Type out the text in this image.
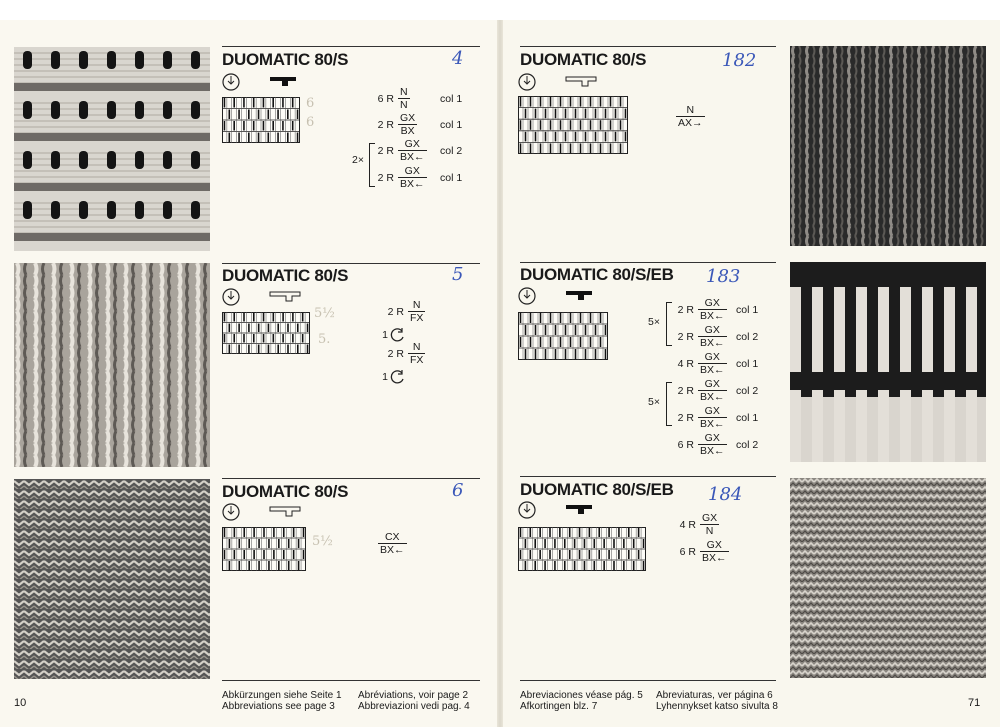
DUOMATIC 80/S	4
6
6
6 R $\frac{N}{N}$	col 1
2 R $\frac{GX}{BX}$ col 1
2×
2 R $\frac{GX}{BX\leftarrow}$ col 2
2 R $\frac{GX}{BX\leftarrow}$ col 1
DUOMATIC 80/S	5
5½
5.
2 R $\frac{N}{FX}$
1
2 R $\frac{N}{FX}$
1
DUOMATIC 80/S	6
5½	$\frac{CX}{BX\leftarrow}$
DUOMATIC 80/S	182
$\frac{N}{AX\to}$
DUOMATIC 80/S/EB 183
5×
2 R $\frac{GX}{BX\leftarrow}$ col 1
2 R $\frac{GX}{BX\leftarrow}$ col 2
4 R $\frac{GX}{BX\leftarrow}$ col 1
5×
2 R $\frac{GX}{BX\leftarrow}$ col 2
2 R $\frac{GX}{BX\leftarrow}$ col 1
6 R $\frac{GX}{BX\leftarrow}$ col 2
DUOMATIC 80/S/EB 184
4 R $\frac{GX}{N}$
6 R $\frac{GX}{BX\leftarrow}$
10
Abkürzungen siehe Seite 1
Abbreviations see page 3
Abréviations, voir page 2
Abbreviazioni vedi pag. 4
Abreviaciones véase pág. 5
Afkortingen blz. 7
Abreviaturas, ver página 6
Lyhennykset katso sivulta 8	71
